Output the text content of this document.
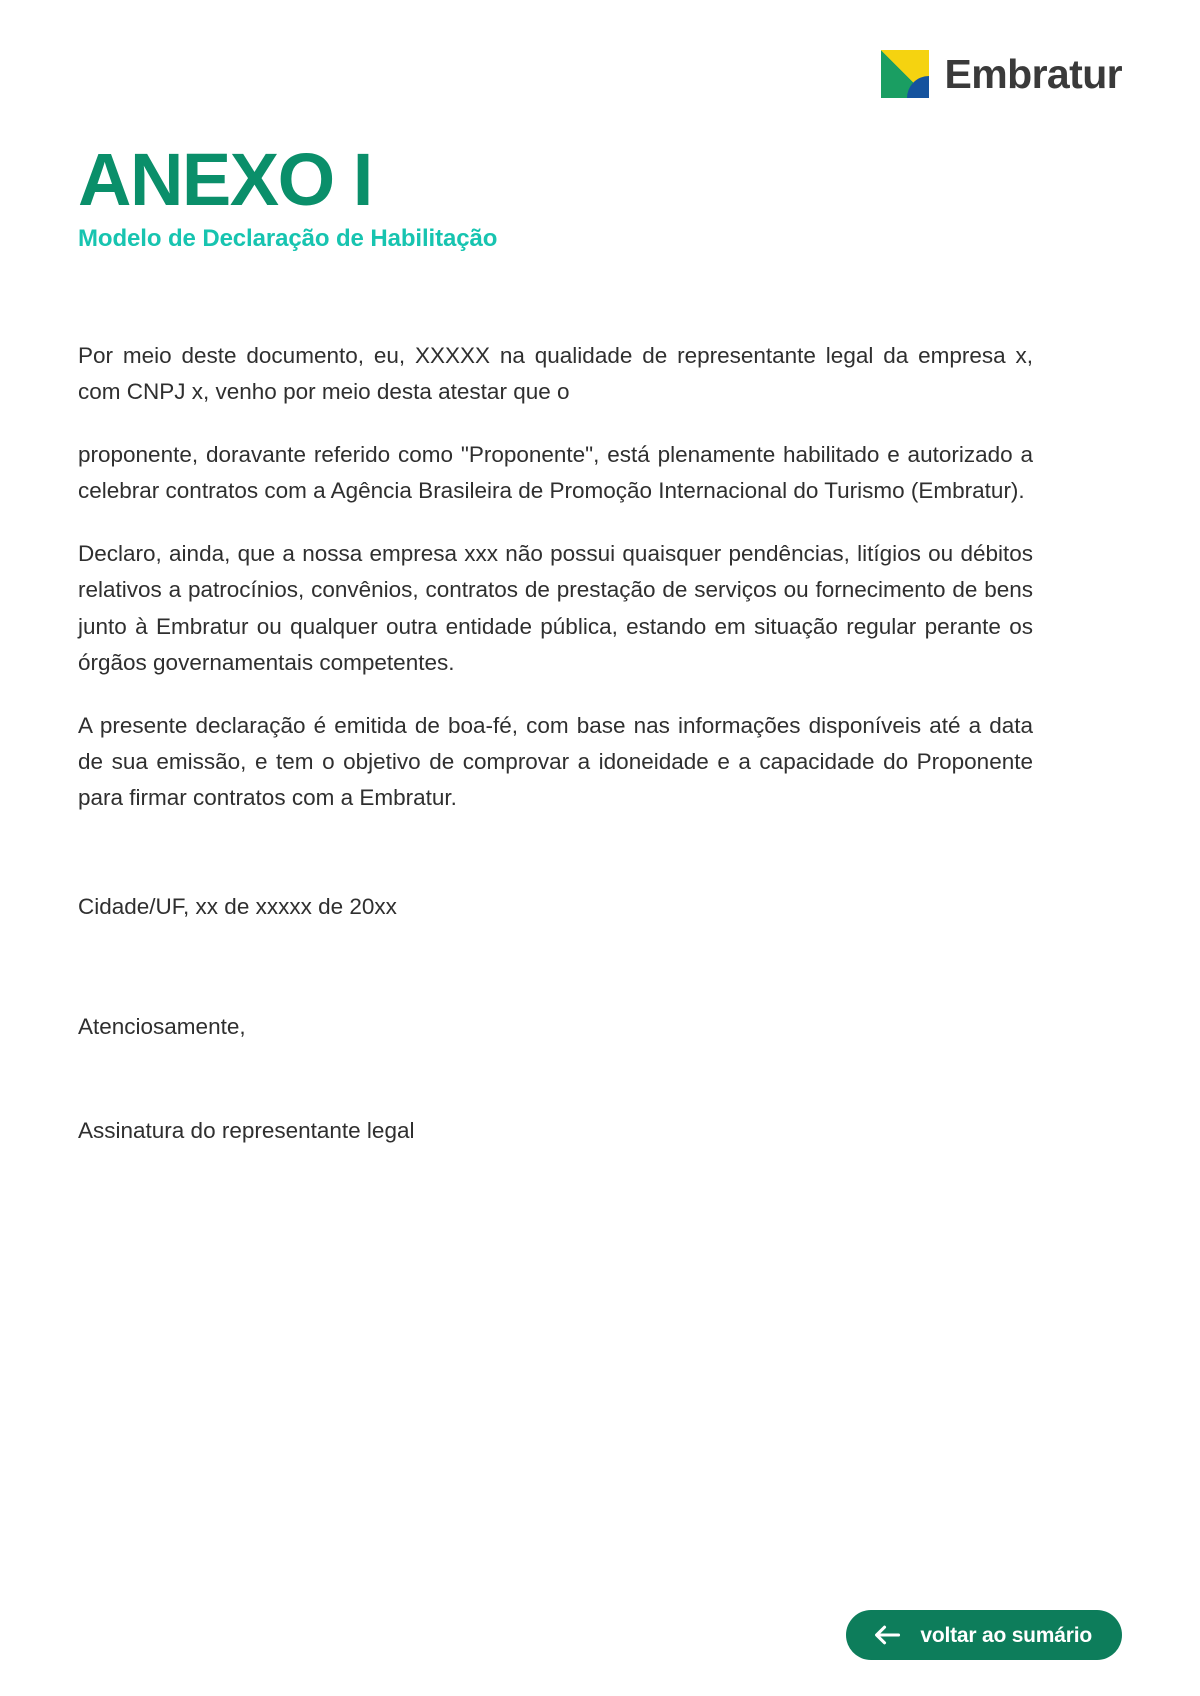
Embratur
ANEXO I

Modelo de Declaração de Habilitação

Por meio deste documento, eu, XXXXX na qualidade de representante legal da empresa x, com CNPJ x, venho por meio desta atestar que o

proponente, doravante referido como "Proponente", está plenamente habilitado e autorizado a celebrar contratos com a Agência Brasileira de Promoção Internacional do Turismo (Embratur).

Declaro, ainda, que a nossa empresa xxx não possui quaisquer pendências, litígios ou débitos relativos a patrocínios, convênios, contratos de prestação de serviços ou fornecimento de bens junto à Embratur ou qualquer outra entidade pública, estando em situação regular perante os órgãos governamentais competentes.

A presente declaração é emitida de boa-fé, com base nas informações disponíveis até a data de sua emissão, e tem o objetivo de comprovar a idoneidade e a capacidade do Proponente para firmar contratos com a Embratur.

Cidade/UF, xx de xxxxx de 20xx

Atenciosamente,

Assinatura do representante legal

voltar ao sumário
